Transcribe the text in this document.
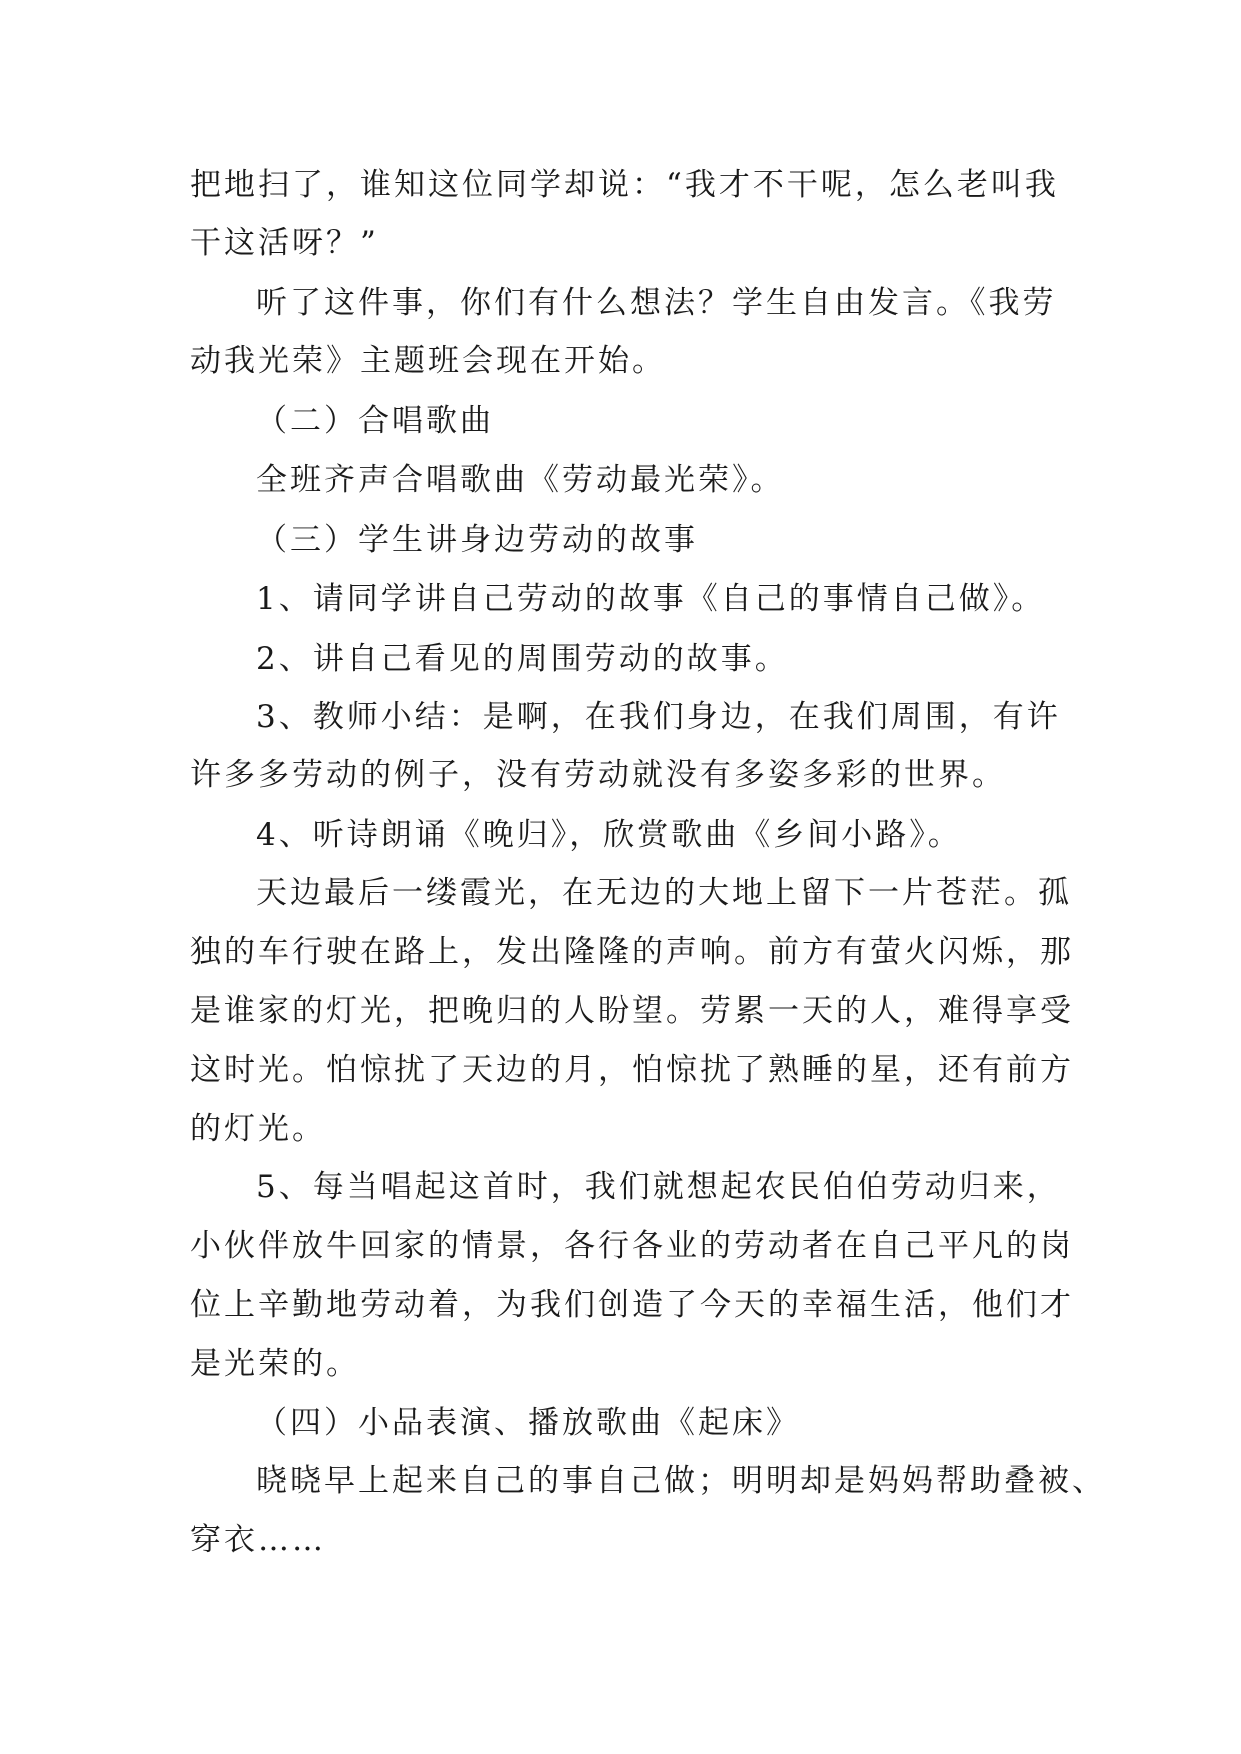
把地扫了，谁知这位同学却说：“我才不干呢，怎么老叫我
干这活呀？”
听了这件事，你们有什么想法？学生自由发言。《我劳
动我光荣》主题班会现在开始。
（二）合唱歌曲
全班齐声合唱歌曲《劳动最光荣》。
（三）学生讲身边劳动的故事
1、请同学讲自己劳动的故事《自己的事情自己做》。
2、讲自己看见的周围劳动的故事。
3、教师小结：是啊，在我们身边，在我们周围，有许
许多多劳动的例子，没有劳动就没有多姿多彩的世界。
4、听诗朗诵《晚归》，欣赏歌曲《乡间小路》。
天边最后一缕霞光，在无边的大地上留下一片苍茫。孤
独的车行驶在路上，发出隆隆的声响。前方有萤火闪烁，那
是谁家的灯光，把晚归的人盼望。劳累一天的人，难得享受
这时光。怕惊扰了天边的月，怕惊扰了熟睡的星，还有前方
的灯光。
5、每当唱起这首时，我们就想起农民伯伯劳动归来，
小伙伴放牛回家的情景，各行各业的劳动者在自己平凡的岗
位上辛勤地劳动着，为我们创造了今天的幸福生活，他们才
是光荣的。
（四）小品表演、播放歌曲《起床》
晓晓早上起来自己的事自己做；明明却是妈妈帮助叠被、
穿衣……
